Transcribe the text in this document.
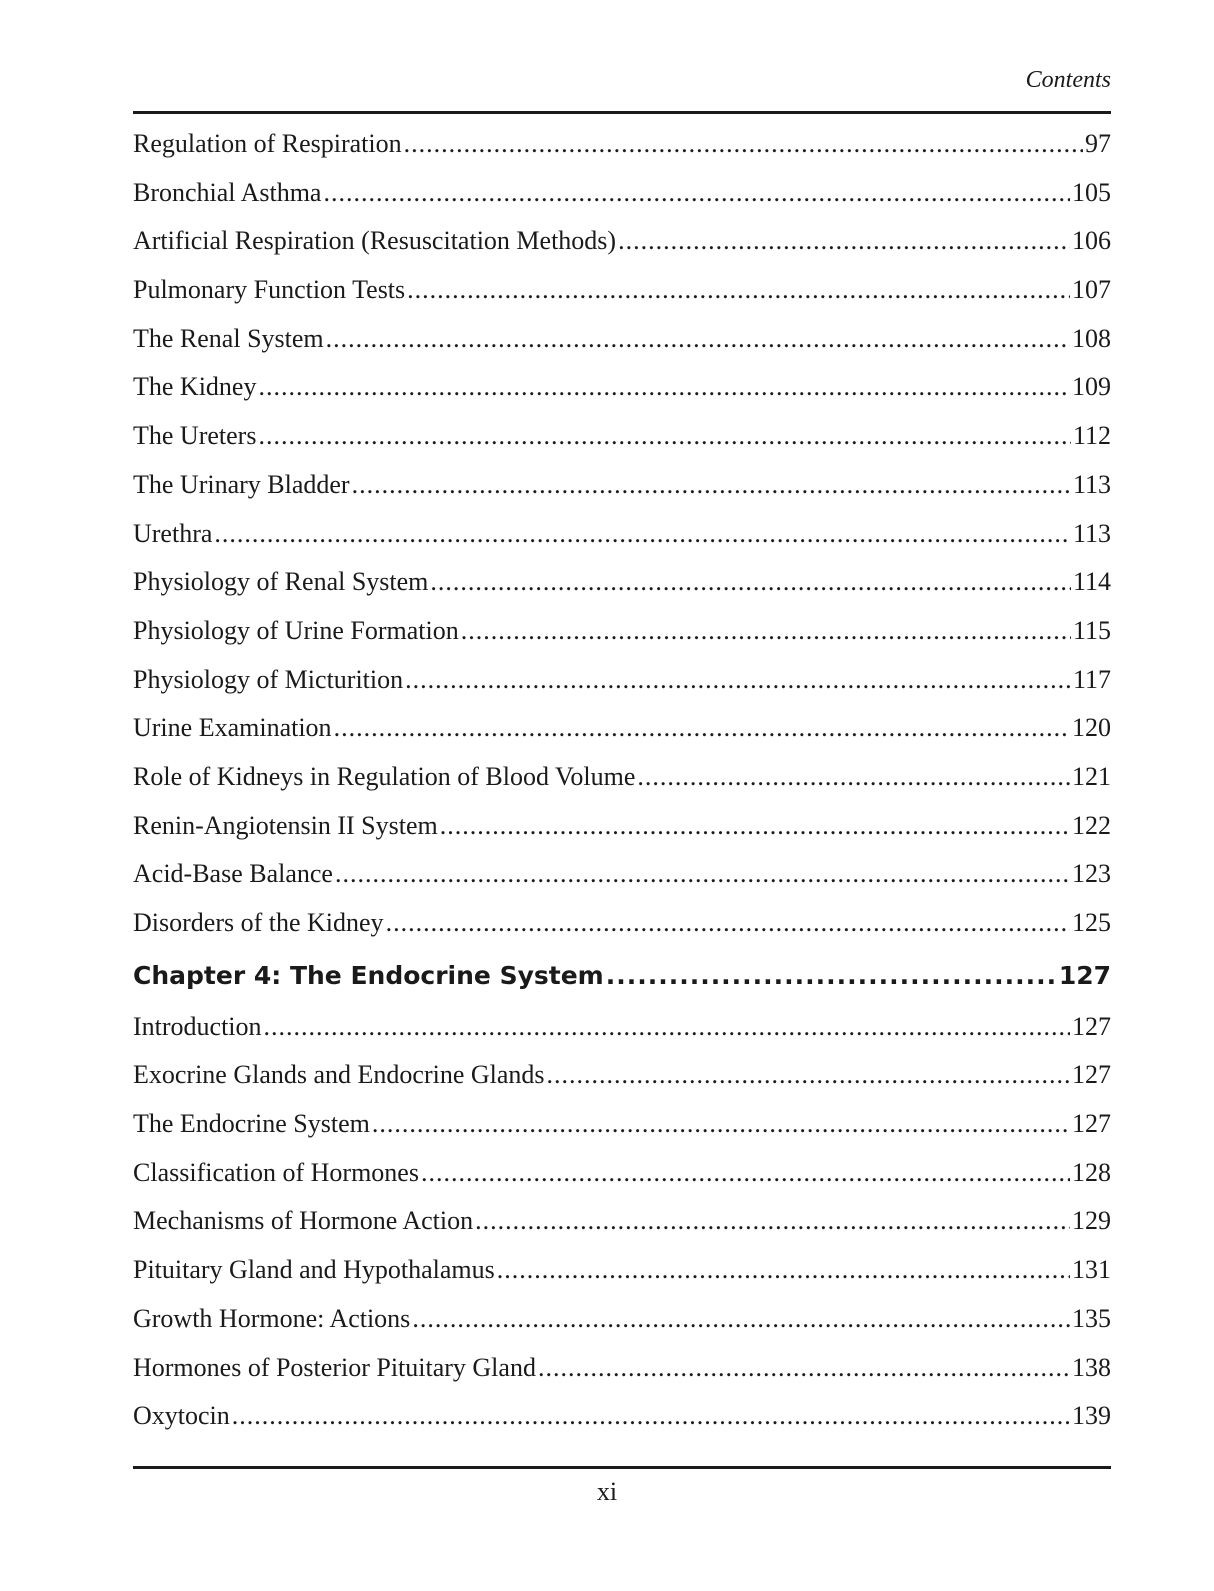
Contents
Regulation of Respiration .....	97
Bronchial Asthma .....	105
Artificial Respiration (Resuscitation Methods) .....	106
Pulmonary Function Tests .....	107
The Renal System .....	108
The Kidney .....	109
The Ureters .....	112
The Urinary Bladder .....	113
Urethra .....	113
Physiology of Renal System .....	114
Physiology of Urine Formation .....	115
Physiology of Micturition .....	117
Urine Examination .....	120
Role of Kidneys in Regulation of Blood Volume .....	121
Renin-Angiotensin II System .....	122
Acid-Base Balance .....	123
Disorders of the Kidney .....	125
Chapter 4: The Endocrine System .....	127
Introduction .....	127
Exocrine Glands and Endocrine Glands .....	127
The Endocrine System .....	127
Classification of Hormones .....	128
Mechanisms of Hormone Action .....	129
Pituitary Gland and Hypothalamus .....	131
Growth Hormone: Actions .....	135
Hormones of Posterior Pituitary Gland .....	138
Oxytocin .....	139
xi
